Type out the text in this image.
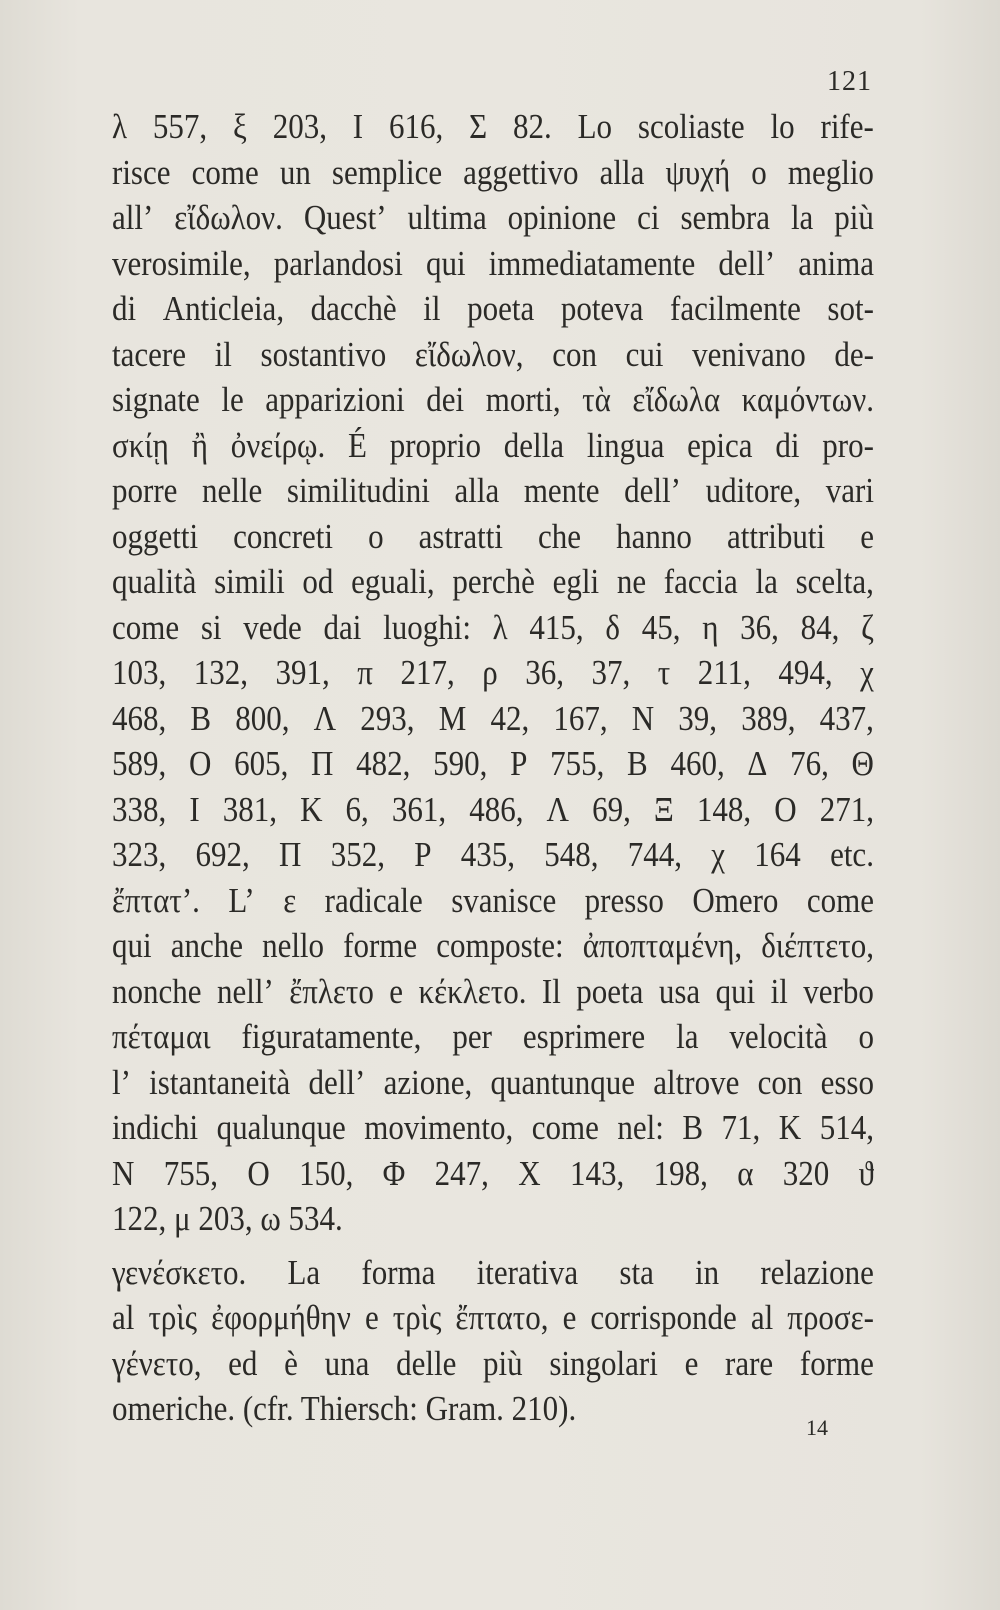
121
λ 557, ξ 203, Ι 616, Σ 82. Lo scoliaste lo rife-
risce come un semplice aggettivo alla ψυχή o meglio
all’ εἴδωλον. Quest’ ultima opinione ci sembra la più
verosimile, parlandosi qui immediatamente dell’ anima
di Anticleia, dacchè il poeta poteva facilmente sot-
tacere il sostantivo εἴδωλον, con cui venivano de-
signate le apparizioni dei morti, τὰ εἴδωλα καμόντων.
σκίῃ ἢ ὀνείρῳ. É proprio della lingua epica di pro-
porre nelle similitudini alla mente dell’ uditore, vari
oggetti concreti o astratti che hanno attributi e
qualità simili od eguali, perchè egli ne faccia la scelta,
come si vede dai luoghi: λ 415, δ 45, η 36, 84, ζ
103, 132, 391, π 217, ρ 36, 37, τ 211, 494, χ
468, Β 800, Λ 293, Μ 42, 167, Ν 39, 389, 437,
589, Ο 605, Π 482, 590, Ρ 755, Β 460, Δ 76, Θ
338, Ι 381, Κ 6, 361, 486, Λ 69, Ξ 148, Ο 271,
323, 692, Π 352, Ρ 435, 548, 744, χ 164 etc.
ἔπτατ’. L’ ε radicale svanisce presso Omero come
qui anche nello forme composte: ἀποπταμένη, διέπτετο,
nonche nell’ ἔπλετο e κέκλετο. Il poeta usa qui il verbo
πέταμαι figuratamente, per esprimere la velocità o
l’ istantaneità dell’ azione, quantunque altrove con esso
indichi qualunque movimento, come nel: Β 71, Κ 514,
Ν 755, Ο 150, Φ 247, Χ 143, 198, α 320 ϑ
122, μ 203, ω 534.
γενέσκετο. La forma iterativa sta in relazione
al τρὶς ἐφορμήθην e τρὶς ἔπτατο, e corrisponde al προσε-
γένετο, ed è una delle più singolari e rare forme
omeriche. (cfr. Thiersch: Gram. 210).	14
